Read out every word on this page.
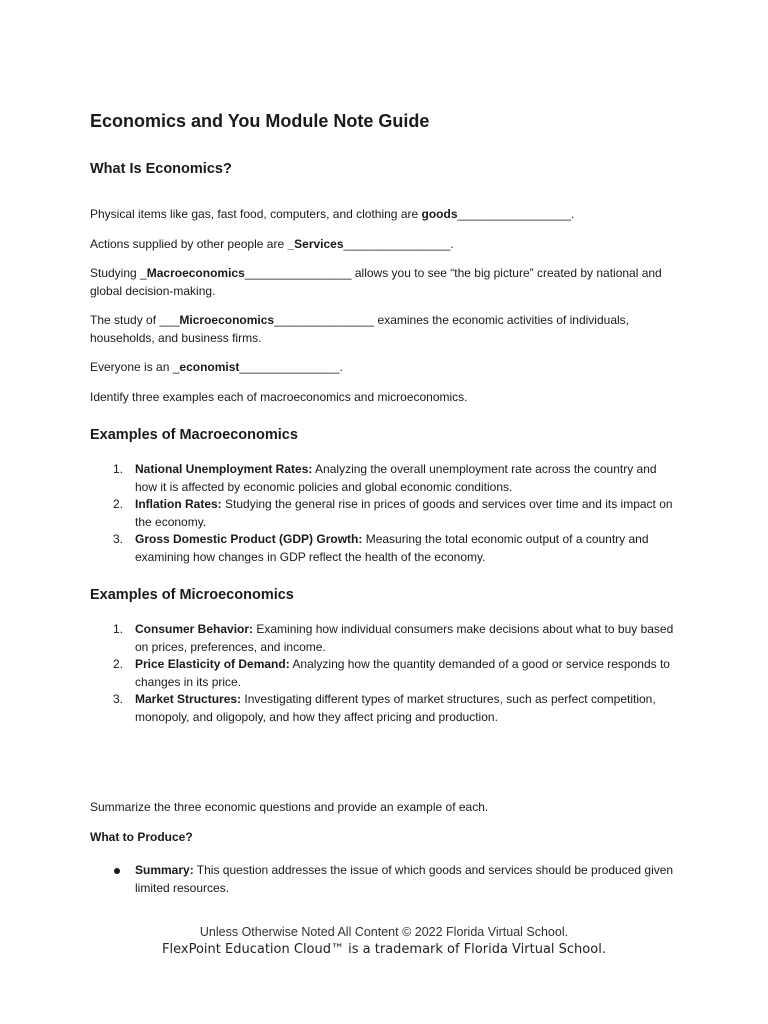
Economics and You Module Note Guide
What Is Economics?

Physical items like gas, fast food, computers, and clothing are goods_________________.

Actions supplied by other people are _Services________________.

Studying _Macroeconomics________________ allows you to see “the big picture” created by national and global decision-making.

The study of ___Microeconomics_______________ examines the economic activities of individuals, households, and business firms.

Everyone is an _economist_______________.

Identify three examples each of macroeconomics and microeconomics.

Examples of Macroeconomics
1. National Unemployment Rates: Analyzing the overall unemployment rate across the country and how it is affected by economic policies and global economic conditions.
2. Inflation Rates: Studying the general rise in prices of goods and services over time and its impact on the economy.
3. Gross Domestic Product (GDP) Growth: Measuring the total economic output of a country and examining how changes in GDP reflect the health of the economy.
Examples of Microeconomics
1. Consumer Behavior: Examining how individual consumers make decisions about what to buy based on prices, preferences, and income.
2. Price Elasticity of Demand: Analyzing how the quantity demanded of a good or service responds to changes in its price.
3. Market Structures: Investigating different types of market structures, such as perfect competition, monopoly, and oligopoly, and how they affect pricing and production.

Summarize the three economic questions and provide an example of each.

What to Produce?

Summary: This question addresses the issue of which goods and services should be produced given limited resources.
Unless Otherwise Noted All Content © 2022 Florida Virtual School.
FlexPoint Education Cloud™ is a trademark of Florida Virtual School.
